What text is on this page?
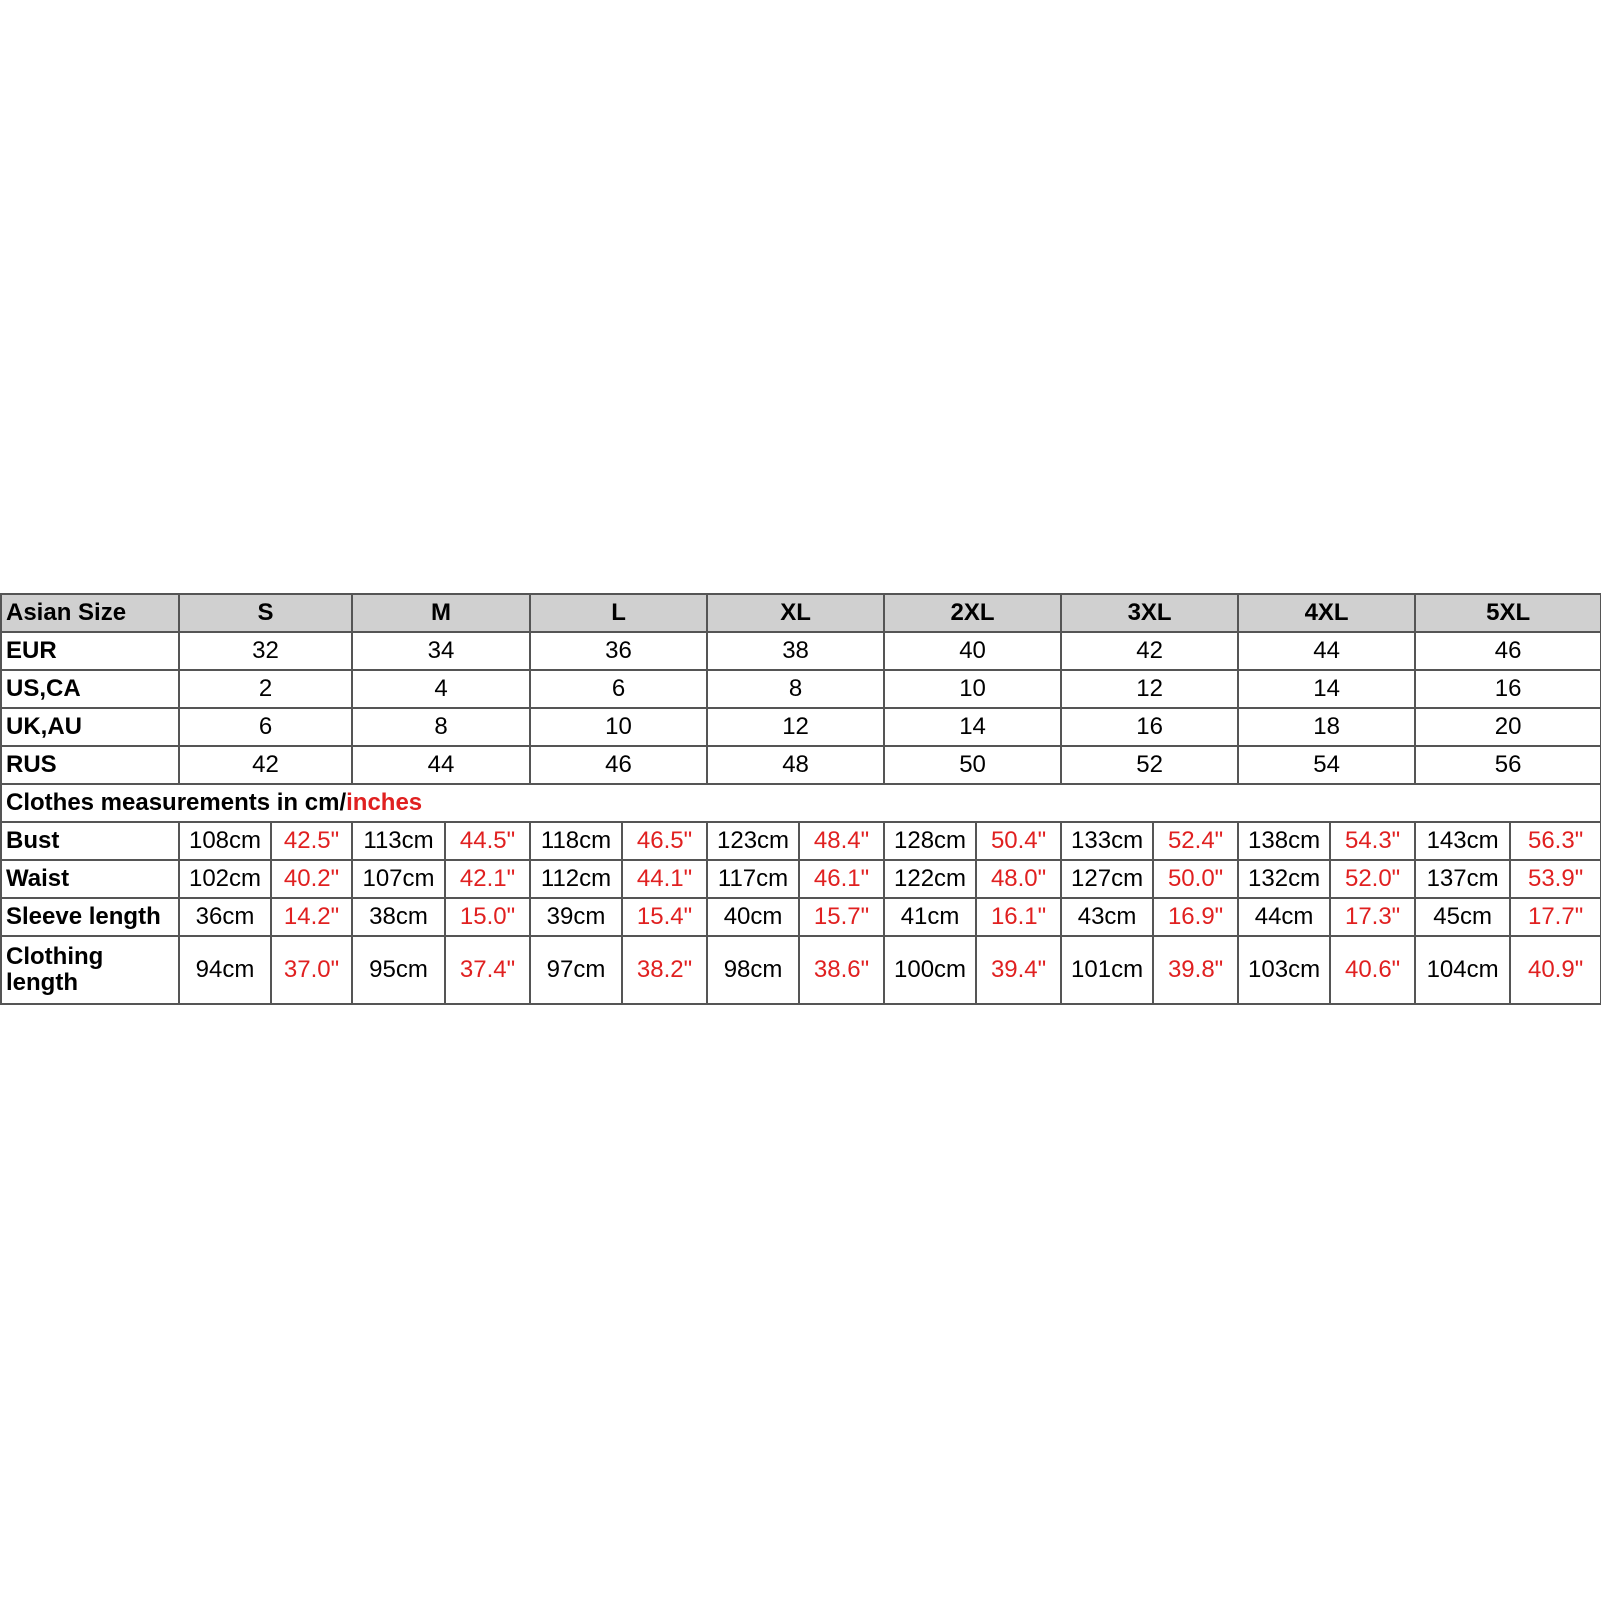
Asian Size	S		M		L		XL		2XL		3XL		4XL		5XL	
EUR	32		34		36		38		40		42		44		46	
US,CA	2		4		6		8		10		12		14		16	
UK,AU	6		8		10		12		14		16		18		20	
RUS	42		44		46		48		50		52		54		56	
Clothes measurements in cm/inches																
Bust	108cm	42.5"	113cm	44.5"	118cm	46.5"	123cm	48.4"	128cm	50.4"	133cm	52.4"	138cm	54.3"	143cm	56.3"
Waist	102cm	40.2"	107cm	42.1"	112cm	44.1"	117cm	46.1"	122cm	48.0"	127cm	50.0"	132cm	52.0"	137cm	53.9"
Sleeve length	36cm	14.2"	38cm	15.0"	39cm	15.4"	40cm	15.7"	41cm	16.1"	43cm	16.9"	44cm	17.3"	45cm	17.7"
Clothing length	94cm	37.0"	95cm	37.4"	97cm	38.2"	98cm	38.6"	100cm	39.4"	101cm	39.8"	103cm	40.6"	104cm	40.9"
